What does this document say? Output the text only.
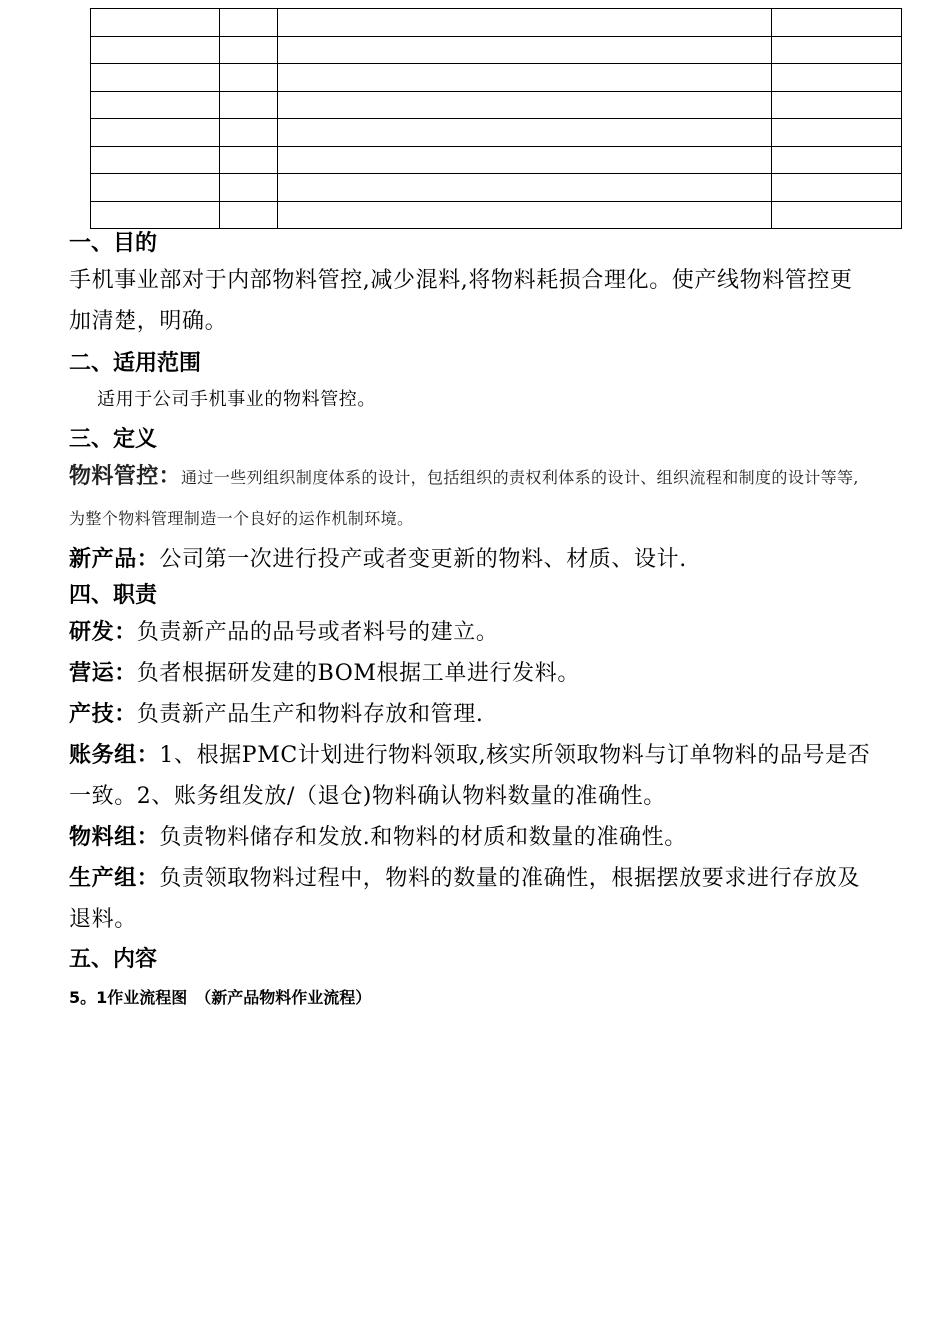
一、目的

手机事业部对于内部物料管控,减少混料,将物料耗损合理化。使产线物料管控更加清楚，明确。

二、适用范围

适用于公司手机事业的物料管控。

三、定义

物料管控：通过一些列组织制度体系的设计，包括组织的责权利体系的设计、组织流程和制度的设计等等,为整个物料管理制造一个良好的运作机制环境。

新产品：公司第一次进行投产或者变更新的物料、材质、设计.

四、职责

研发：负责新产品的品号或者料号的建立。

营运：负者根据研发建的BOM根据工单进行发料。

产技：负责新产品生产和物料存放和管理.

账务组：1、根据PMC计划进行物料领取,核实所领取物料与订单物料的品号是否一致。2、账务组发放/（退仓)物料确认物料数量的准确性。

物料组：负责物料储存和发放.和物料的材质和数量的准确性。

生产组：负责领取物料过程中，物料的数量的准确性，根据摆放要求进行存放及退料。

五、内容

5。1作业流程图　（新产品物料作业流程）
